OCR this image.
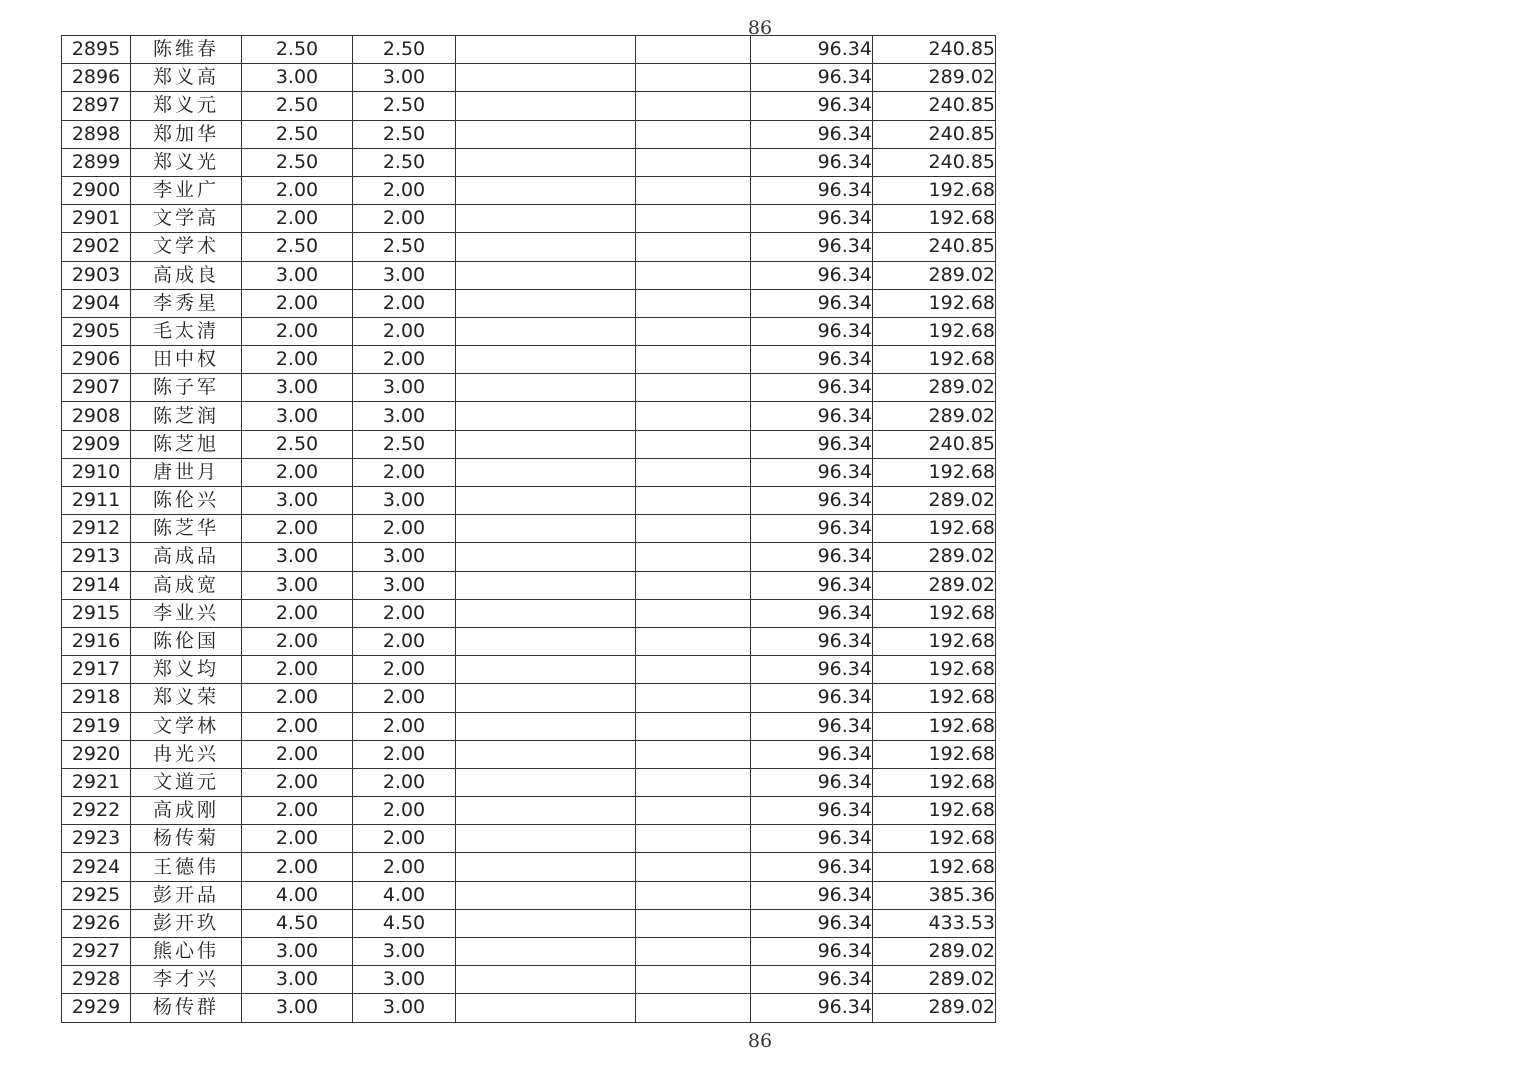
86
2895	陈维春	2.50	2.50			96.34	240.85
2896	郑义高	3.00	3.00			96.34	289.02
2897	郑义元	2.50	2.50			96.34	240.85
2898	郑加华	2.50	2.50			96.34	240.85
2899	郑义光	2.50	2.50			96.34	240.85
2900	李业广	2.00	2.00			96.34	192.68
2901	文学高	2.00	2.00			96.34	192.68
2902	文学术	2.50	2.50			96.34	240.85
2903	高成良	3.00	3.00			96.34	289.02
2904	李秀星	2.00	2.00			96.34	192.68
2905	毛太清	2.00	2.00			96.34	192.68
2906	田中权	2.00	2.00			96.34	192.68
2907	陈子军	3.00	3.00			96.34	289.02
2908	陈芝润	3.00	3.00			96.34	289.02
2909	陈芝旭	2.50	2.50			96.34	240.85
2910	唐世月	2.00	2.00			96.34	192.68
2911	陈伦兴	3.00	3.00			96.34	289.02
2912	陈芝华	2.00	2.00			96.34	192.68
2913	高成品	3.00	3.00			96.34	289.02
2914	高成宽	3.00	3.00			96.34	289.02
2915	李业兴	2.00	2.00			96.34	192.68
2916	陈伦国	2.00	2.00			96.34	192.68
2917	郑义均	2.00	2.00			96.34	192.68
2918	郑义荣	2.00	2.00			96.34	192.68
2919	文学林	2.00	2.00			96.34	192.68
2920	冉光兴	2.00	2.00			96.34	192.68
2921	文道元	2.00	2.00			96.34	192.68
2922	高成刚	2.00	2.00			96.34	192.68
2923	杨传菊	2.00	2.00			96.34	192.68
2924	王德伟	2.00	2.00			96.34	192.68
2925	彭开品	4.00	4.00			96.34	385.36
2926	彭开玖	4.50	4.50			96.34	433.53
2927	熊心伟	3.00	3.00			96.34	289.02
2928	李才兴	3.00	3.00			96.34	289.02
2929	杨传群	3.00	3.00			96.34	289.02
86
